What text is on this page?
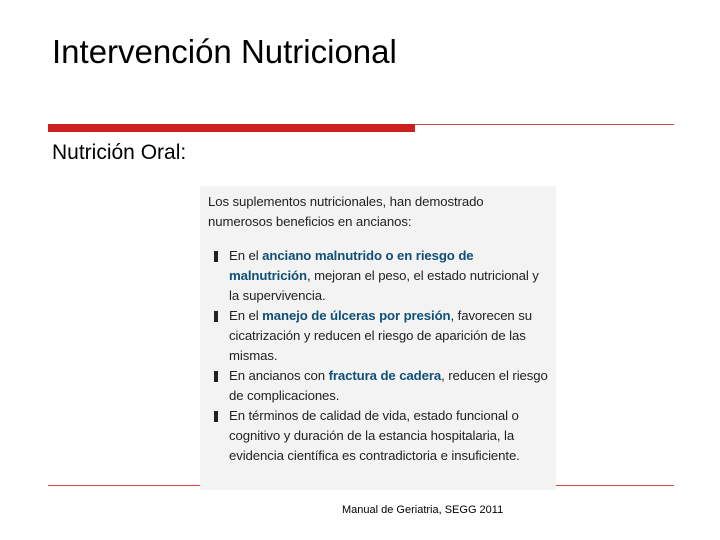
Intervención Nutricional
Nutrición Oral:

Los suplementos nutricionales, han demostrado numerosos beneficios en ancianos:

En el anciano malnutrido o en riesgo de malnutrición, mejoran el peso, el estado nutricional y la supervivencia.

En el manejo de úlceras por presión, favorecen su cicatrización y reducen el riesgo de aparición de las mismas.

En ancianos con fractura de cadera, reducen el riesgo de complicaciones.

En términos de calidad de vida, estado funcional o cognitivo y duración de la estancia hospitalaria, la evidencia científica es contradictoria e insuficiente.

Manual de Geriatria, SEGG 2011
